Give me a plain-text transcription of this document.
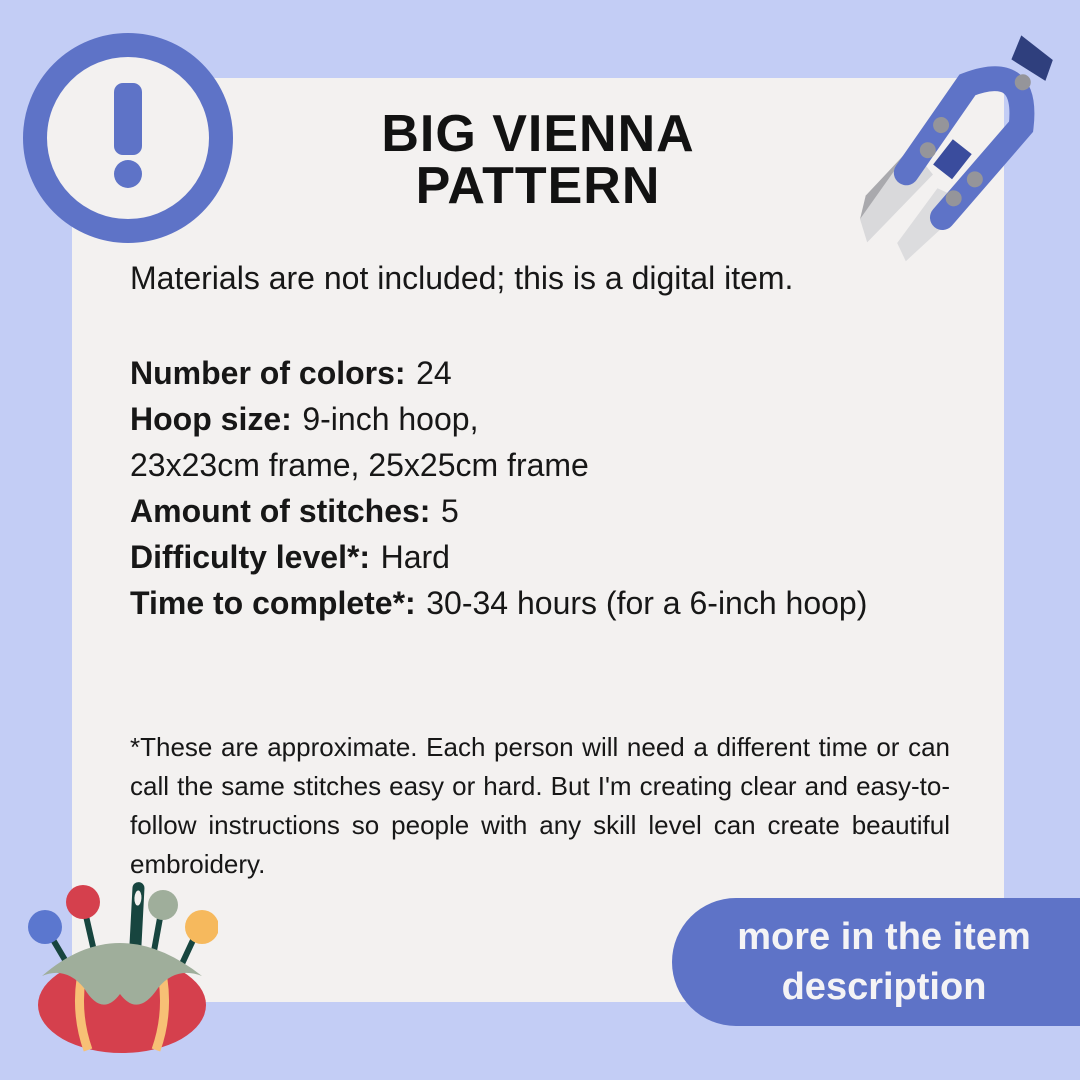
BIG VIENNA
PATTERN
Materials are not included; this is a digital item.
Number of colors: 24
Hoop size: 9-inch hoop,
23x23cm frame, 25x25cm frame
Amount of stitches: 5
Difficulty level*: Hard
Time to complete*: 30-34 hours (for a 6-inch hoop)
*These are approximate. Each person will need a different time or can call the same stitches easy or hard. But I'm creating clear and easy-to-follow instructions so people with any skill level can create beautiful embroidery.
more in the item
description
